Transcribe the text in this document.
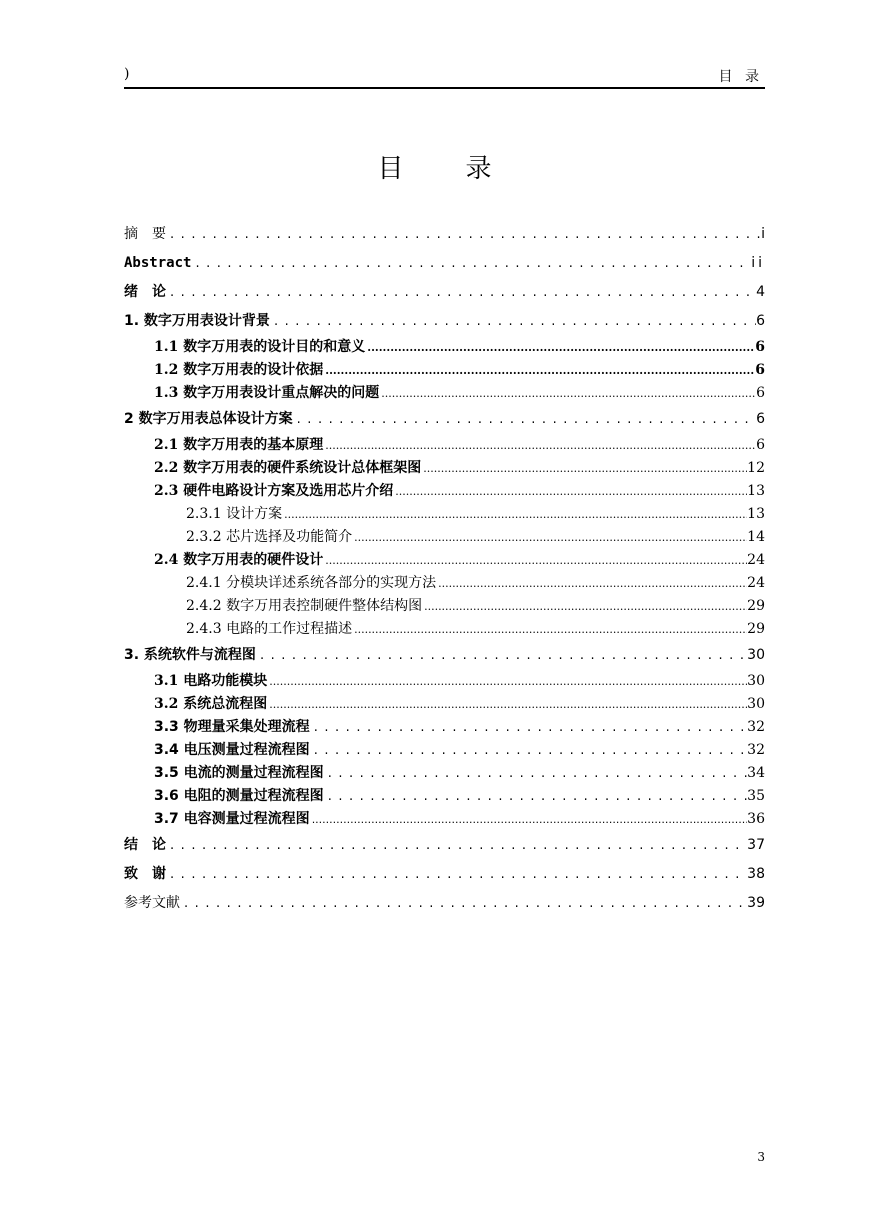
)	目 录
目 录
摘　要 . . .	i
Abstract . . .	ii
绪　论 . . .	4
1. 数字万用表设计背景 . . .	6
1.1 数字万用表的设计目的和意义 .....	6
1.2 数字万用表的设计依据 .....	6
1.3 数字万用表设计重点解决的问题 .....	6
2 数字万用表总体设计方案 . . .	6
2.1 数字万用表的基本原理 .....	6
2.2 数字万用表的硬件系统设计总体框架图 .....	12
2.3 硬件电路设计方案及选用芯片介绍 .....	13
2.3.1 设计方案 .....	13
2.3.2 芯片选择及功能简介 .....	14
2.4 数字万用表的硬件设计 .....	24
2.4.1 分模块详述系统各部分的实现方法 .....	24
2.4.2 数字万用表控制硬件整体结构图 .....	29
2.4.3 电路的工作过程描述 .....	29
3. 系统软件与流程图 . . .	30
3.1 电路功能模块 .....	30
3.2 系统总流程图 .....	30
3.3 物理量采集处理流程 . . .	32
3.4 电压测量过程流程图 . . .	32
3.5 电流的测量过程流程图 . . .	34
3.6 电阻的测量过程流程图 . . .	35
3.7 电容测量过程流程图 .....	36
结　论 . . .	37
致　谢 . . .	38
参考文献 . . .	39
3
